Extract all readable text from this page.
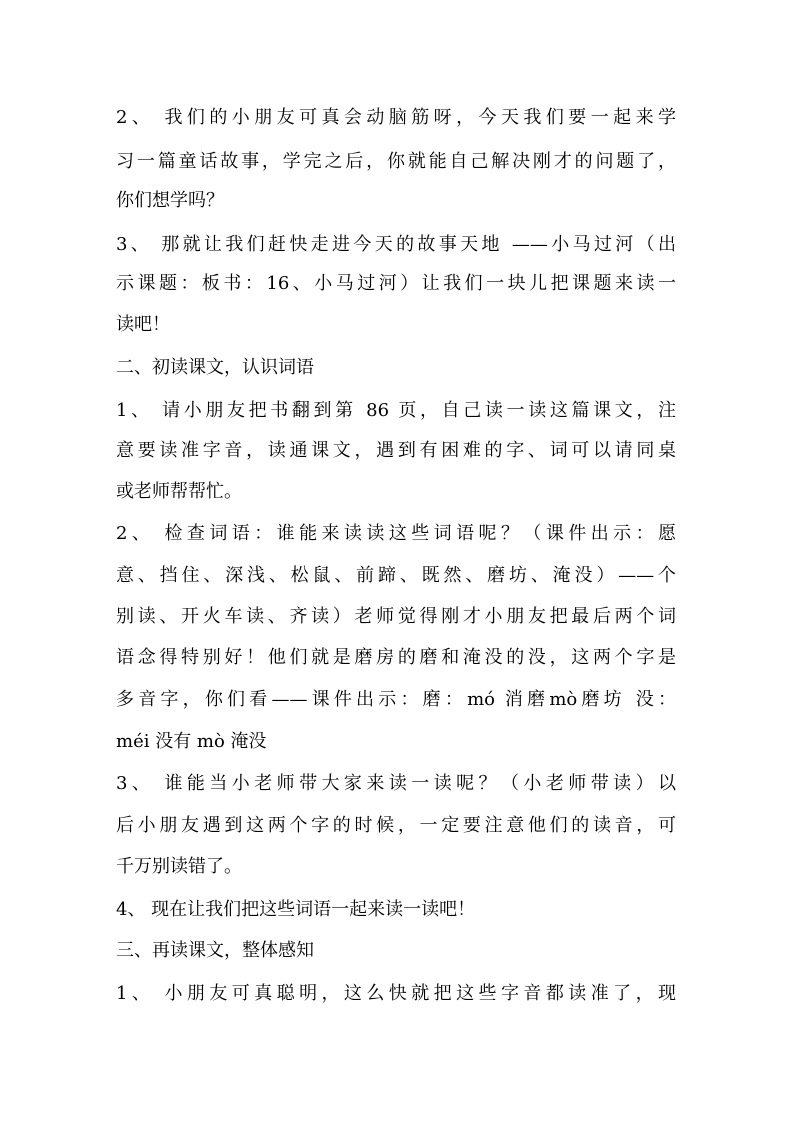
2、 我们的小朋友可真会动脑筋呀，今天我们要一起来学
习一篇童话故事，学完之后，你就能自己解决刚才的问题了，
你们想学吗？
3、 那就让我们赶快走进今天的故事天地 ——小马过河（出
示课题：板书：16、小马过河）让我们一块儿把课题来读一
读吧！
二、初读课文，认识词语
1、 请小朋友把书翻到第 86 页，自己读一读这篇课文，注
意要读准字音，读通课文，遇到有困难的字、词可以请同桌
或老师帮帮忙。
2、 检查词语：谁能来读读这些词语呢？（课件出示：愿
意、挡住、深浅、松鼠、前蹄、既然、磨坊、淹没）——个
别读、开火车读、齐读）老师觉得刚才小朋友把最后两个词
语念得特别好！他们就是磨房的磨和淹没的没，这两个字是
多音字，你们看——课件出示：磨：mó 消磨mò磨坊 没：
méi 没有 mò 淹没
3、 谁能当小老师带大家来读一读呢？（小老师带读）以
后小朋友遇到这两个字的时候，一定要注意他们的读音，可
千万别读错了。
4、 现在让我们把这些词语一起来读一读吧！
三、再读课文，整体感知
1、 小朋友可真聪明，这么快就把这些字音都读准了，现
